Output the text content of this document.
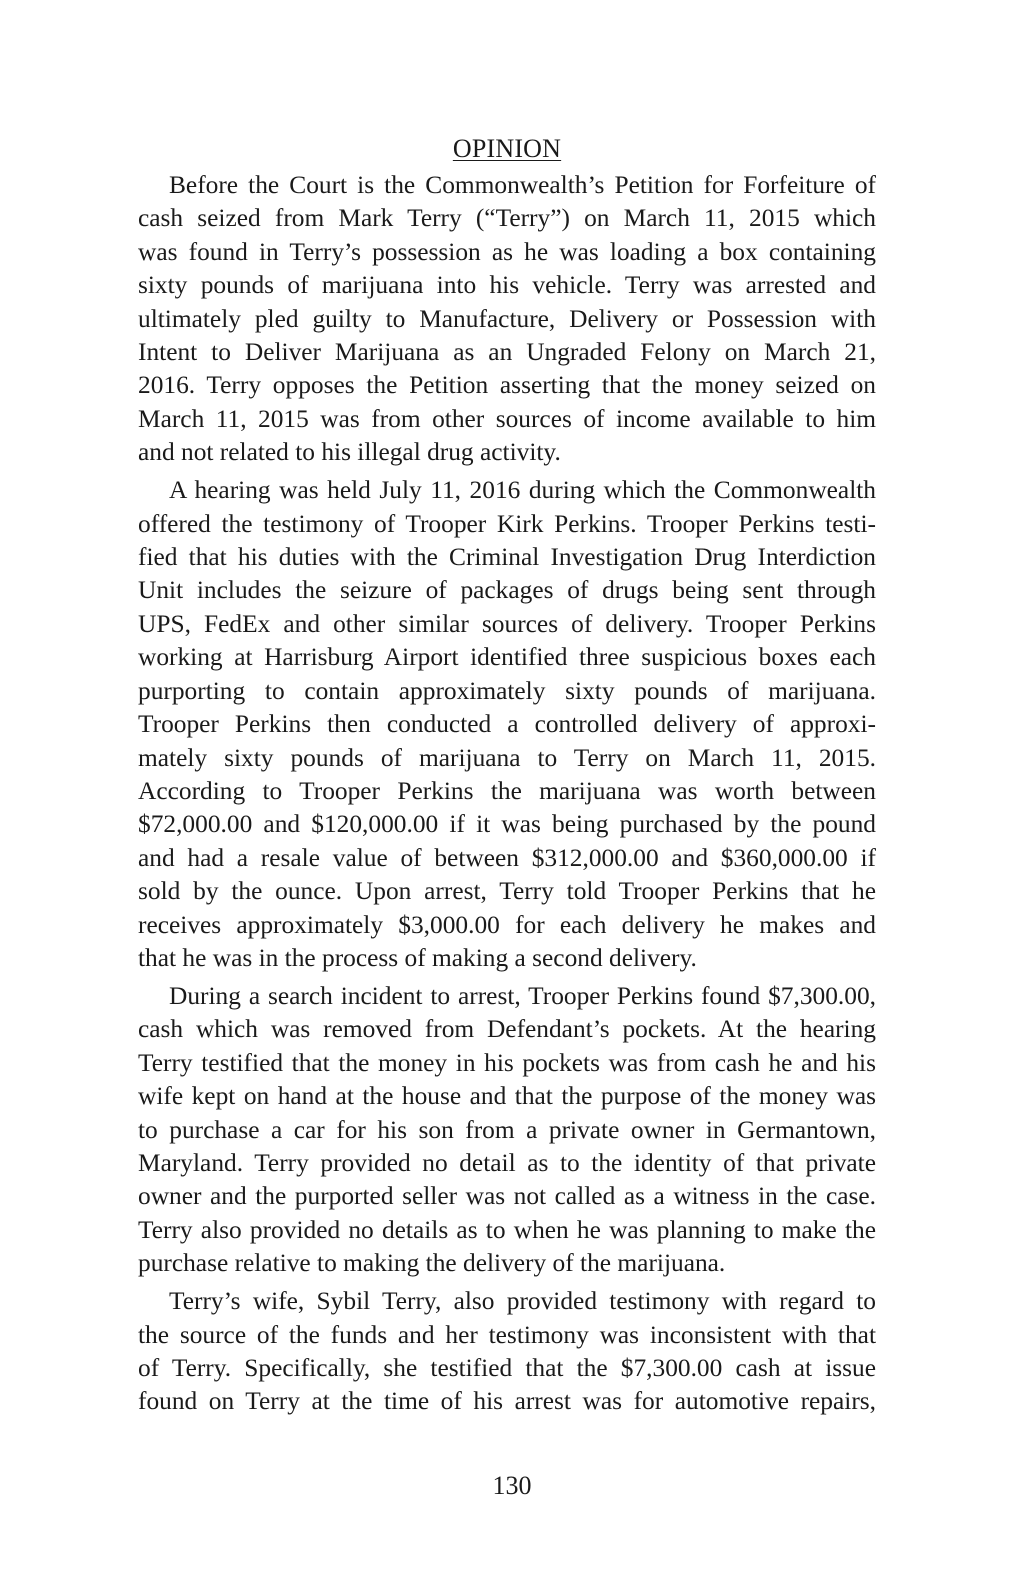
OPINION
Before the Court is the Commonwealth’s Petition for Forfeiture of
cash seized from Mark Terry (“Terry”) on March 11, 2015 which
was found in Terry’s possession as he was loading a box containing
sixty pounds of marijuana into his vehicle. Terry was arrested and
ultimately pled guilty to Manufacture, Delivery or Possession with
Intent to Deliver Marijuana as an Ungraded Felony on March 21,
2016. Terry opposes the Petition asserting that the money seized on
March 11, 2015 was from other sources of income available to him
and not related to his illegal drug activity.
A hearing was held July 11, 2016 during which the Commonwealth
offered the testimony of Trooper Kirk Perkins. Trooper Perkins testi-
fied that his duties with the Criminal Investigation Drug Interdiction
Unit includes the seizure of packages of drugs being sent through
UPS, FedEx and other similar sources of delivery. Trooper Perkins
working at Harrisburg Airport identified three suspicious boxes each
purporting to contain approximately sixty pounds of marijuana.
Trooper Perkins then conducted a controlled delivery of approxi-
mately sixty pounds of marijuana to Terry on March 11, 2015.
According to Trooper Perkins the marijuana was worth between
$72,000.00 and $120,000.00 if it was being purchased by the pound
and had a resale value of between $312,000.00 and $360,000.00 if
sold by the ounce. Upon arrest, Terry told Trooper Perkins that he
receives approximately $3,000.00 for each delivery he makes and
that he was in the process of making a second delivery.
During a search incident to arrest, Trooper Perkins found $7,300.00,
cash which was removed from Defendant’s pockets. At the hearing
Terry testified that the money in his pockets was from cash he and his
wife kept on hand at the house and that the purpose of the money was
to purchase a car for his son from a private owner in Germantown,
Maryland. Terry provided no detail as to the identity of that private
owner and the purported seller was not called as a witness in the case.
Terry also provided no details as to when he was planning to make the
purchase relative to making the delivery of the marijuana.
Terry’s wife, Sybil Terry, also provided testimony with regard to
the source of the funds and her testimony was inconsistent with that
of Terry. Specifically, she testified that the $7,300.00 cash at issue
found on Terry at the time of his arrest was for automotive repairs,
130
